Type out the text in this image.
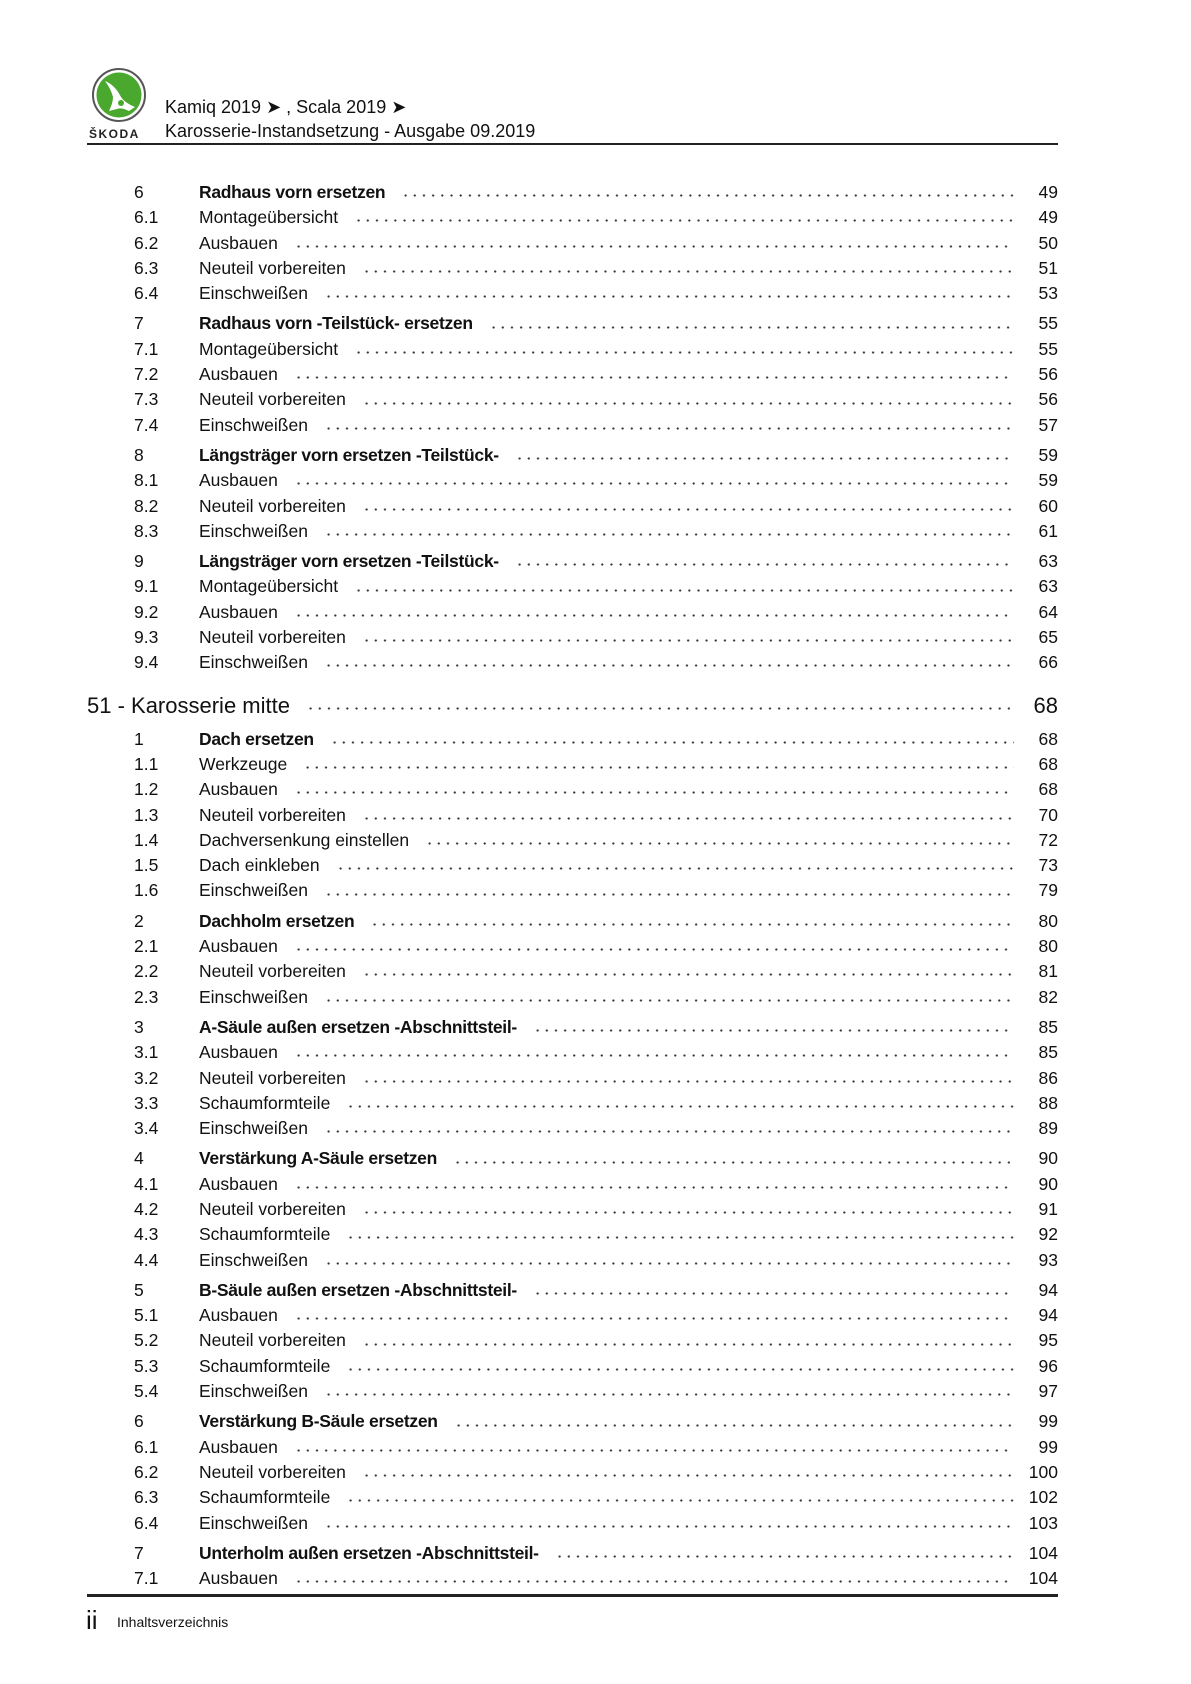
ŠKODA
Kamiq 2019 ➤ , Scala 2019 ➤
Karosserie-Instandsetzung - Ausgabe 09.2019
6	Radhaus vorn ersetzen	49
6.1	Montageübersicht	49
6.2	Ausbauen	50
6.3	Neuteil vorbereiten	51
6.4	Einschweißen	53
7	Radhaus vorn -Teilstück- ersetzen	55
7.1	Montageübersicht	55
7.2	Ausbauen	56
7.3	Neuteil vorbereiten	56
7.4	Einschweißen	57
8	Längsträger vorn ersetzen -Teilstück-	59
8.1	Ausbauen	59
8.2	Neuteil vorbereiten	60
8.3	Einschweißen	61
9	Längsträger vorn ersetzen -Teilstück-	63
9.1	Montageübersicht	63
9.2	Ausbauen	64
9.3	Neuteil vorbereiten	65
9.4	Einschweißen	66
51 - Karosserie mitte	68
1	Dach ersetzen	68
1.1	Werkzeuge	68
1.2	Ausbauen	68
1.3	Neuteil vorbereiten	70
1.4	Dachversenkung einstellen	72
1.5	Dach einkleben	73
1.6	Einschweißen	79
2	Dachholm ersetzen	80
2.1	Ausbauen	80
2.2	Neuteil vorbereiten	81
2.3	Einschweißen	82
3	A-Säule außen ersetzen -Abschnittsteil-	85
3.1	Ausbauen	85
3.2	Neuteil vorbereiten	86
3.3	Schaumformteile	88
3.4	Einschweißen	89
4	Verstärkung A-Säule ersetzen	90
4.1	Ausbauen	90
4.2	Neuteil vorbereiten	91
4.3	Schaumformteile	92
4.4	Einschweißen	93
5	B-Säule außen ersetzen -Abschnittsteil-	94
5.1	Ausbauen	94
5.2	Neuteil vorbereiten	95
5.3	Schaumformteile	96
5.4	Einschweißen	97
6	Verstärkung B-Säule ersetzen	99
6.1	Ausbauen	99
6.2	Neuteil vorbereiten	100
6.3	Schaumformteile	102
6.4	Einschweißen	103
7	Unterholm außen ersetzen -Abschnittsteil-	104
7.1	Ausbauen	104
ii Inhaltsverzeichnis
